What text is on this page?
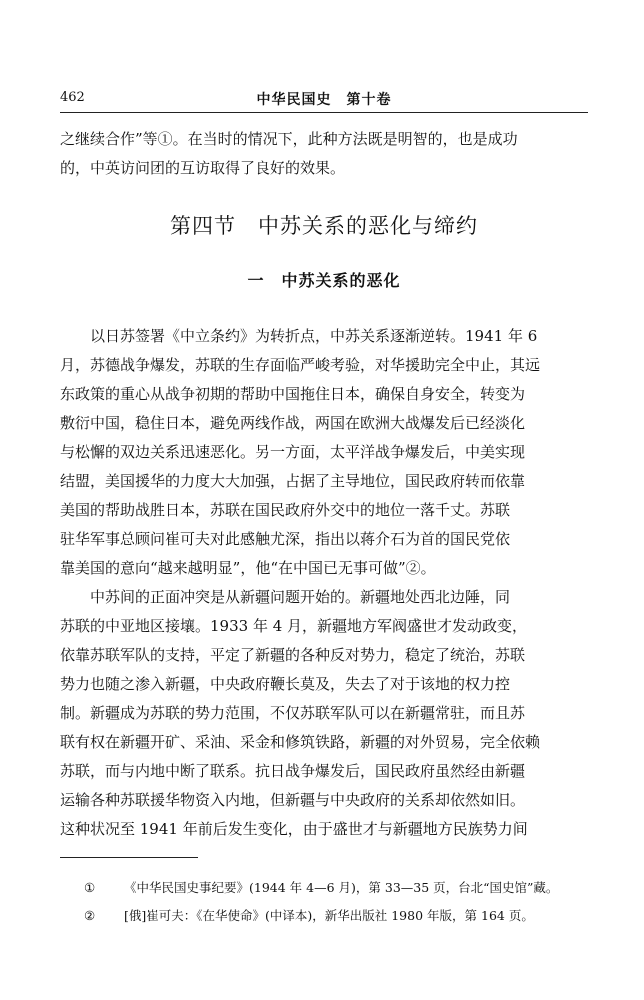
462	中华民国史　第十卷
之继续合作”等①。在当时的情况下，此种方法既是明智的，也是成功
的，中英访问团的互访取得了良好的效果。
第四节　中苏关系的恶化与缔约
一　中苏关系的恶化
以日苏签署《中立条约》为转折点，中苏关系逐渐逆转。1941 年 6
月，苏德战争爆发，苏联的生存面临严峻考验，对华援助完全中止，其远
东政策的重心从战争初期的帮助中国拖住日本，确保自身安全，转变为
敷衍中国，稳住日本，避免两线作战，两国在欧洲大战爆发后已经淡化
与松懈的双边关系迅速恶化。另一方面，太平洋战争爆发后，中美实现
结盟，美国援华的力度大大加强，占据了主导地位，国民政府转而依靠
美国的帮助战胜日本，苏联在国民政府外交中的地位一落千丈。苏联
驻华军事总顾问崔可夫对此感触尤深，指出以蒋介石为首的国民党依
靠美国的意向“越来越明显”，他“在中国已无事可做”②。
中苏间的正面冲突是从新疆问题开始的。新疆地处西北边陲，同
苏联的中亚地区接壤。1933 年 4 月，新疆地方军阀盛世才发动政变，
依靠苏联军队的支持，平定了新疆的各种反对势力，稳定了统治，苏联
势力也随之渗入新疆，中央政府鞭长莫及，失去了对于该地的权力控
制。新疆成为苏联的势力范围，不仅苏联军队可以在新疆常驻，而且苏
联有权在新疆开矿、采油、采金和修筑铁路，新疆的对外贸易，完全依赖
苏联，而与内地中断了联系。抗日战争爆发后，国民政府虽然经由新疆
运输各种苏联援华物资入内地，但新疆与中央政府的关系却依然如旧。
这种状况至 1941 年前后发生变化，由于盛世才与新疆地方民族势力间
①	《中华民国史事纪要》(1944 年 4—6 月)，第 33—35 页，台北“国史馆”藏。
②	[俄]崔可夫：《在华使命》(中译本)，新华出版社 1980 年版，第 164 页。
